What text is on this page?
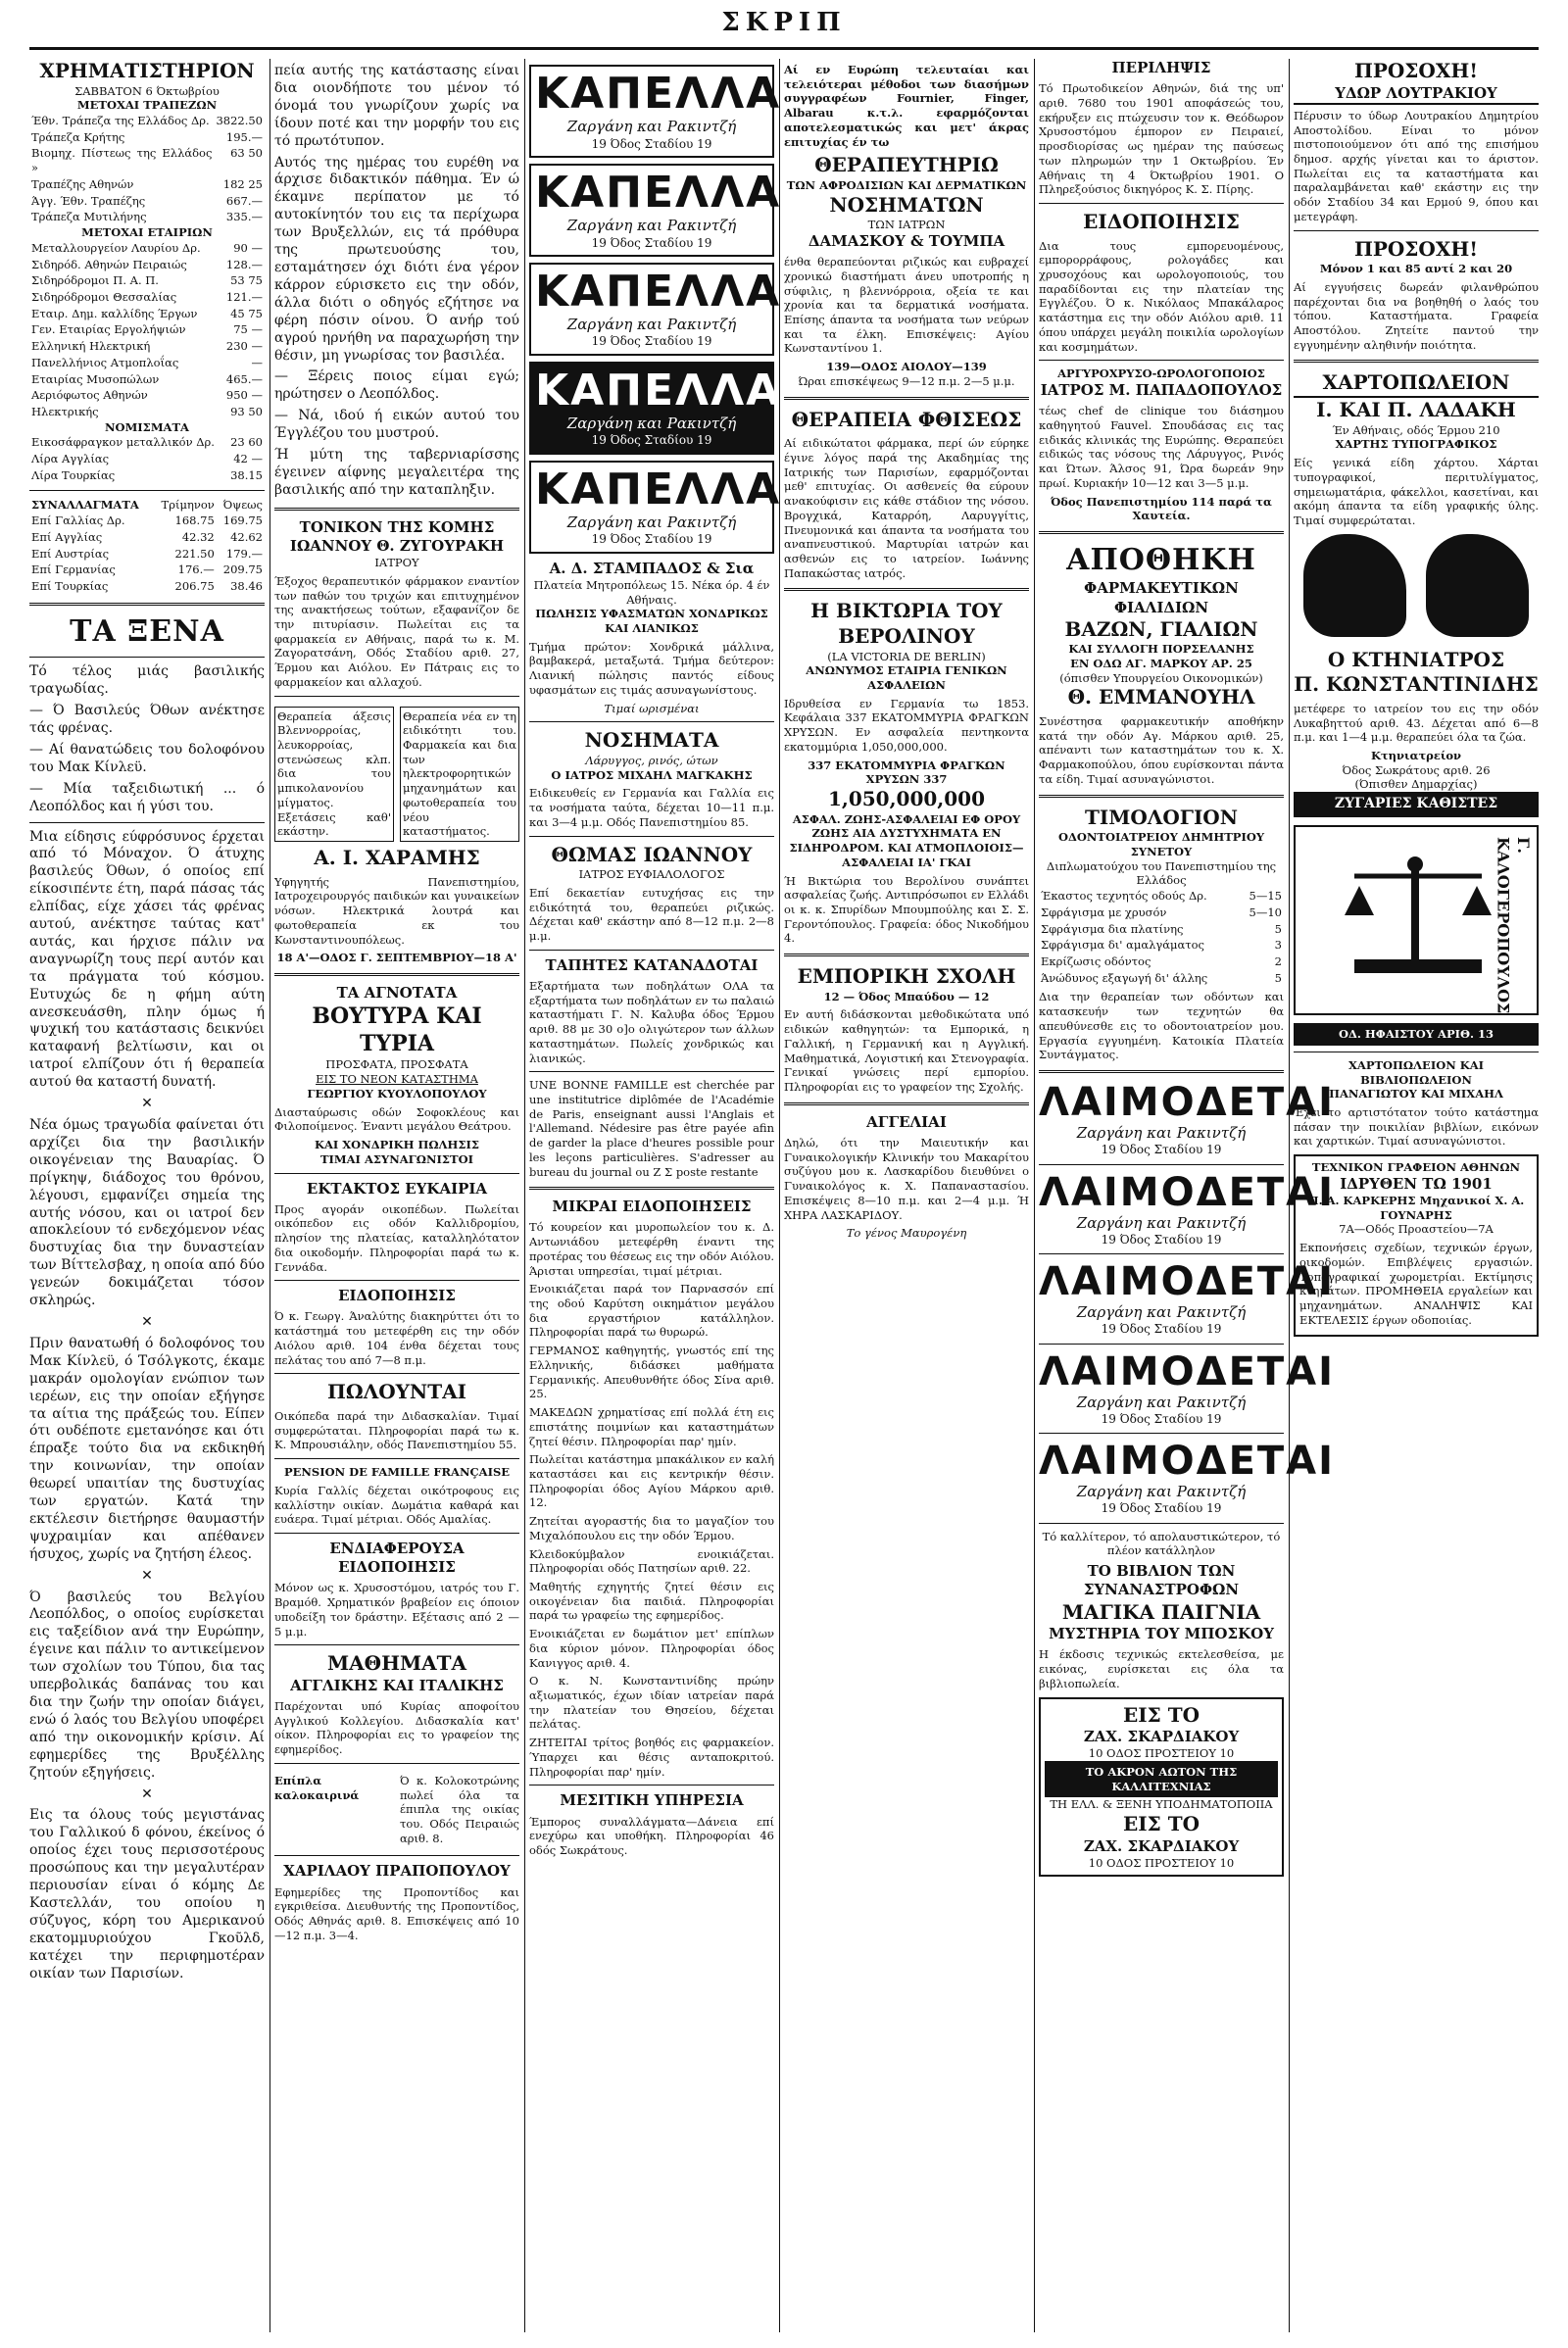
ΣΚΡΙΠ
ΧΡΗΜΑΤΙΣΤΗΡΙΟΝ
ΣΑΒΒΑΤΟΝ 6 Όκτωβρίου
ΜΕΤΟΧΑΙ ΤΡΑΠΕΖΩΝ
Έθν. Τράπεζα της Ελλάδος Δρ.	3822.50
Τράπεζα Κρήτης	195.—
Βιομηχ. Πίστεως της Ελλάδος »	63 50
Τραπέζης Αθηνών	182 25
Άγγ. Έθν. Τραπέζης	667.—
Τράπεζα Μυτιλήνης	335.—
ΜΕΤΟΧΑΙ ΕΤΑΙΡΙΩΝ
Μεταλλουργείον Λαυρίου Δρ.	90 —
Σιδηρόδ. Αθηνών Πειραιώς	128.—
Σιδηρόδρομοι Π. Α. Π.	53 75
Σιδηρόδρομοι Θεσσαλίας	121.—
Εταιρ. Δημ. καλλίδης Έργων	45 75
Γεν. Εταιρίας Εργολήψιών	75 —
Ελληνική Ηλεκτρική	230 —
Πανελλήνιος Ατμοπλοΐας	—
Εταιρίας Μυσοπώλων	465.—
Αεριόφωτος Αθηνών	950 —
Ηλεκτρικής	93 50
ΝΟΜΙΣΜΑΤΑ
Εικοσάφραγκον μεταλλικόν Δρ.	23 60
Λίρα Αγγλίας	42 —
Λίρα Τουρκίας	38.15
ΣΥΝΑΛΛΑΓΜΑΤΑ	Τρίμηνον	Όψεως
Επί Γαλλίας Δρ.	168.75	169.75
Επί Αγγλίας	42.32	42.62
Επί Αυστρίας	221.50	179.—
Επί Γερμανίας	176.—	209.75
Επί Τουρκίας	206.75	38.46
ΤΑ ΞΕΝΑ

Τό τέλος μιάς βασιλικής τραγωδίας.

— Ό Βασιλεύς Όθων ανέκτησε τάς φρένας.

— Αί θανατώδεις του δολοφόνου του Μακ Κίνλεϋ.

— Μία ταξειδιωτική ... ό Λεοπόλδος και ή γύσι του.

Μια είδησις εύφρόσυνος έρχεται από τό Μόναχον. Ό άτυχης βασιλεύς Όθων, ό οποίος επί είκοσιπέντε έτη, παρά πάσας τάς ελπίδας, είχε χάσει τάς φρένας αυτού, ανέκτησε ταύτας κατ' αυτάς, και ήρχισε πάλιν να αναγνωρίζη τους περί αυτόν και τα πράγματα τού κόσμου. Ευτυχώς δε η φήμη αύτη ανεσκευάσθη, πλην όμως ή ψυχική του κατάστασις δεικνύει καταφανή βελτίωσιν, και οι ιατροί ελπίζουν ότι ή θεραπεία αυτού θα καταστή δυνατή.

✕

Νέα όμως τραγωδία φαίνεται ότι αρχίζει δια την βασιλικήν οικογένειαν της Βαυαρίας. Ό πρίγκηψ, διάδοχος του θρόνου, λέγουσι, εμφανίζει σημεία της αυτής νόσου, και οι ιατροί δεν αποκλείουν τό ενδεχόμενον νέας δυστυχίας δια την δυναστείαν των Βίττελσβαχ, η οποία από δύο γενεών δοκιμάζεται τόσον σκληρώς.

✕

Πριν θανατωθή ό δολοφόνος του Μακ Κίνλεϋ, ό Τσόλγκοτς, έκαμε μακράν ομολογίαν ενώπιον των ιερέων, εις την οποίαν εξήγησε τα αίτια της πράξεώς του. Είπεν ότι ουδέποτε εμετανόησε και ότι έπραξε τούτο δια να εκδικηθή την κοινωνίαν, την οποίαν θεωρεί υπαιτίαν της δυστυχίας των εργατών. Κατά την εκτέλεσιν διετήρησε θαυμαστήν ψυχραιμίαν και απέθανεν ήσυχος, χωρίς να ζητήση έλεος.

✕

Ό βασιλεύς του Βελγίου Λεοπόλδος, ο οποίος ευρίσκεται εις ταξείδιον ανά την Ευρώπην, έγεινε και πάλιν το αντικείμενον των σχολίων του Τύπου, δια τας υπερβολικάς δαπάνας του και δια την ζωήν την οποίαν διάγει, ενώ ό λαός του Βελγίου υποφέρει από την οικονομικήν κρίσιν. Αί εφημερίδες της Βρυξέλλης ζητούν εξηγήσεις.

✕

Εις τα όλους τούς μεγιστάνας του Γαλλικού δ φόνου, έκείνος ό οποίος έχει τους περισσοτέρους προσώπους και την μεγαλυτέραν περιουσίαν είναι ό κόμης Δε Καστελλάν, του οποίου η σύζυγος, κόρη του Αμερικανού εκατομμυριούχου Γκοῦλδ, κατέχει την περιφημοτέραν οικίαν των Παρισίων.

πεία αυτής της κατάστασης είναι δια οιονδήποτε του μένον τό όνομά του γνωρίζουν χωρίς να ίδουν ποτέ και την μορφήν του εις τό πρωτότυπον.

Αυτός της ημέρας του ευρέθη να άρχισε διδακτικόν πάθημα. Έν ώ έκαμνε περίπατον με τό αυτοκίνητόν του εις τα περίχωρα των Βρυξελλών, εις τά πρόθυρα της πρωτευούσης του, εσταμάτησεν όχι διότι ένα γέρον κάρρον εύρισκετο εις την οδόν, άλλα διότι ο οδηγός εζήτησε να φέρη πόσιν οίνου. Ό ανήρ τού αγρού ηρνήθη να παραχωρήση την θέσιν, μη γνωρίσας τον βασιλέα.

— Ξέρεις ποιος είμαι εγώ; ηρώτησεν ο Λεοπόλδος.

— Νά, ιδού ή εικών αυτού του Έγγλέζου του μυστρού.

Ή μύτη της ταβερνιαρίσσης έγεινεν αίφνης μεγαλειτέρα της βασιλικής από την καταπληξιν.

ΤΟΝΙΚΟΝ ΤΗΣ ΚΟΜΗΣ
ΙΩΑΝΝΟΥ Θ. ΖΥΓΟΥΡΑΚΗ
ΙΑΤΡΟΥ

Έξοχος θεραπευτικόν φάρμακον εναντίον των παθών του τριχών και επιτυχημένον της ανακτήσεως τούτων, εξαφανίζον δε την πιτυρίασιν. Πωλείται εις τα φαρμακεία εν Αθήναις, παρά τω κ. Μ. Ζαγορατσάνη, Οδός Σταδίου αριθ. 27, Έρμου και Αιόλου. Εν Πάτραις εις το φαρμακείον και αλλαχού.

Θεραπεία άξεσις Βλεννορροίας, λευκορροίας, στενώσεως κλπ. δια του μπικολανονίου μίγματος. Εξετάσεις καθ' εκάστην.

Θεραπεία νέα εν τη ειδικότητι του. Φαρμακεία και δια των ηλεκτροφορητικών μηχανημάτων και φωτοθεραπεία του νέου καταστήματος.

Α. Ι. ΧΑΡΑΜΗΣ

Υφηγητής Πανεπιστημίου, Ιατροχειρουργός παιδικών και γυναικείων νόσων. Ηλεκτρικά λουτρά και φωτοθεραπεία εκ του Κωνσταντινουπόλεως.

18 Α'—ΟΔΟΣ Γ. ΣΕΠΤΕΜΒΡΙΟΥ—18 Α'
ΤΑ ΑΓΝΟΤΑΤΑ
ΒΟΥΤΥΡΑ ΚΑΙ ΤΥΡΙΑ
ΠΡΟΣΦΑΤΑ, ΠΡΟΣΦΑΤΑ
ΕΙΣ ΤΟ ΝΕΟΝ ΚΑΤΑΣΤΗΜΑ
ΓΕΩΡΓΙΟΥ ΚΥΟΥΛΟΠΟΥΛΟΥ

Διασταύρωσις οδών Σοφοκλέους και Φιλοποίμενος. Έναντι μεγάλου Θεάτρου.

ΚΑΙ ΧΟΝΔΡΙΚΗ ΠΩΛΗΣΙΣ
ΤΙΜΑΙ ΑΣΥΝΑΓΩΝΙΣΤΟΙ
ΕΚΤΑΚΤΟΣ ΕΥΚΑΙΡΙΑ

Προς αγοράν οικοπέδων. Πωλείται οικόπεδον εις οδόν Καλλιδρομίου, πλησίον της πλατείας, καταλληλότατον δια οικοδομήν. Πληροφορίαι παρά τω κ. Γεννάδα.

ΕΙΔΟΠΟΙΗΣΙΣ

Ό κ. Γεωργ. Άναλύτης διακηρύττει ότι το κατάστημά του μετεφέρθη εις την οδόν Αιόλου αριθ. 104 ένθα δέχεται τους πελάτας του από 7—8 π.μ.

ΠΩΛΟΥΝΤΑΙ

Οικόπεδα παρά την Διδασκαλίαν. Τιμαί συμφερώταται. Πληροφορίαι παρά τω κ. Κ. Μπρουσιάλην, οδός Πανεπιστημίου 55.

PENSION DE FAMILLE FRANÇAISE

Κυρία Γαλλίς δέχεται οικότροφους εις καλλίστην οικίαν. Δωμάτια καθαρά και ευάερα. Τιμαί μέτριαι. Οδός Αμαλίας.

ΕΝΔΙΑΦΕΡΟΥΣΑ ΕΙΔΟΠΟΙΗΣΙΣ

Μόνον ως κ. Χρυσοστόμου, ιατρός του Γ. Βραμόθ. Χρηματικόν βραβείον εις όποιον υποδείξη τον δράστην. Εξέτασις από 2 — 5 μ.μ.

ΜΑΘΗΜΑΤΑ
ΑΓΓΛΙΚΗΣ ΚΑΙ ΙΤΑΛΙΚΗΣ

Παρέχονται υπό Κυρίας αποφοίτου Αγγλικού Κολλεγίου. Διδασκαλία κατ' οίκον. Πληροφορίαι εις το γραφείον της εφημερίδος.

Επίπλα καλοκαιρινά

Ό κ. Κολοκοτρώνης πωλεί όλα τα έπιπλα της οικίας του. Οδός Πειραιώς αριθ. 8.

ΧΑΡΙΛΑΟΥ ΠΡΑΠΟΠΟΥΛΟΥ

Εφημερίδες της Προποντίδος και εγκριθείσα. Διευθυντής της Προποντίδος, Οδός Αθηνάς αριθ. 8. Επισκέψεις από 10—12 π.μ. 3—4.

ΚΑΠΕΛΛΑ
Ζαργάνη και Ρακιντζή
19 Όδος Σταδίου 19
ΚΑΠΕΛΛΑ
Ζαργάνη και Ρακιντζή
19 Όδος Σταδίου 19
ΚΑΠΕΛΛΑ
Ζαργάνη και Ρακιντζή
19 Όδος Σταδίου 19
ΚΑΠΕΛΛΑ
Ζαργάνη και Ρακιντζή
19 Όδος Σταδίου 19
ΚΑΠΕΛΛΑ
Ζαργάνη και Ρακιντζή
19 Όδος Σταδίου 19
Α. Δ. ΣΤΑΜΠΑΔΟΣ & Σια
Πλατεία Μητροπόλεως 15. Νέκα όρ. 4 έν Αθήναις.
ΠΩΛΗΣΙΣ ΥΦΑΣΜΑΤΩΝ ΧΟΝΔΡΙΚΩΣ ΚΑΙ ΛΙΑΝΙΚΩΣ

Τμήμα πρώτον: Χονδρικά μάλλινα, βαμβακερά, μεταξωτά. Τμήμα δεύτερον: Λιανική πώλησις παντός είδους υφασμάτων εις τιμάς ασυναγωνίστους.

Τιμαί ωρισμέναι
ΝΟΣΗΜΑΤΑ
Λάρυγγος, ρινός, ώτων
Ο ΙΑΤΡΟΣ ΜΙΧΑΗΛ ΜΑΓΚΑΚΗΣ

Ειδικευθείς εν Γερμανία και Γαλλία εις τα νοσήματα ταύτα, δέχεται 10—11 π.μ. και 3—4 μ.μ. Οδός Πανεπιστημίου 85.

ΘΩΜΑΣ ΙΩΑΝΝΟΥ
ΙΑΤΡΟΣ ΕΥΦΙΑΛΟΛΟΓΟΣ

Επί δεκαετίαν ευτυχήσας εις την ειδικότητά του, θεραπεύει ριζικώς. Δέχεται καθ' εκάστην από 8—12 π.μ. 2—8 μ.μ.

ΤΑΠΗΤΕΣ ΚΑΤΑΝΑΔΟΤΑΙ

Εξαρτήματα των ποδηλάτων ΟΛΑ τα εξαρτήματα των ποδηλάτων εν τω παλαιώ καταστήματι Γ. Ν. Καλυβα όδος Έρμου αριθ. 88 με 30 ο]ο ολιγώτερον των άλλων καταστημάτων. Πωλείς χονδρικώς και λιανικώς.

UNE BONNE FAMILLE est cherchée par une institutrice diplômée de l'Académie de Paris, enseignant aussi l'Anglais et l'Allemand. Nédesire pas être payée afin de garder la place d'heures possible pour les leçons particulières. S'adresser au bureau du journal ou Z Σ poste restante

ΜΙΚΡΑΙ ΕΙΔΟΠΟΙΗΣΕΙΣ

Τό κουρείον και μυροπωλείον του κ. Δ. Αντωνιάδου μετεφέρθη έναντι της προτέρας του θέσεως εις την οδόν Αιόλου. Άρισται υπηρεσίαι, τιμαί μέτριαι.

Ενοικιάζεται παρά τον Παρνασσόν επί της οδού Καρύτση οικημάτιον μεγάλου δια εργαστήριον κατάλληλον. Πληροφορίαι παρά τω θυρωρώ.

ΓΕΡΜΑΝΟΣ καθηγητής, γνωστός επί της Ελληνικής, διδάσκει μαθήματα Γερμανικής. Απευθυνθήτε όδος Σίνα αριθ. 25.

ΜΑΚΕΔΩΝ χρηματίσας επί πολλά έτη εις επιστάτης ποιμνίων και καταστημάτων ζητεί θέσιν. Πληροφορίαι παρ' ημίν.

Πωλείται κατάστημα μπακάλικον εν καλή καταστάσει και εις κεντρικήν θέσιν. Πληροφορίαι όδος Αγίου Μάρκου αριθ. 12.

Ζητείται αγοραστής δια το μαγαζίον του Μιχαλόπουλου εις την οδόν Έρμου.

Κλειδοκύμβαλον ενοικιάζεται. Πληροφορίαι οδός Πατησίων αριθ. 22.

Μαθητής εχηγητής ζητεί θέσιν εις οικογένειαν δια παιδιά. Πληροφορίαι παρά τω γραφείω της εφημερίδος.

Ενοικιάζεται εν δωμάτιον μετ' επίπλων δια κύριον μόνον. Πληροφορίαι όδος Κανιγγος αριθ. 4.

Ο κ. Ν. Κωνσταντινίδης πρώην αξιωματικός, έχων ιδίαν ιατρείαν παρά την πλατείαν του Θησείου, δέχεται πελάτας.

ΖΗΤΕΙΤΑΙ τρίτος βοηθός εις φαρμακείον. Ύπαρχει και θέσις ανταποκριτού. Πληροφορίαι παρ' ημίν.

ΜΕΣΙΤΙΚΗ ΥΠΗΡΕΣΙΑ

Έμπορος συναλλάγματα—Δάνεια επί ενεχύρω και υποθήκη. Πληροφορίαι 46 οδός Σωκράτους.

Αί εν Ευρώπη τελευταίαι και τελειότεραι μέθοδοι των διασήμων συγγραφέων Fournier, Finger, Albarau κ.τ.λ. εφαρμόζονται αποτελεσματικώς και μετ' άκρας επιτυχίας έν τω

ΘΕΡΑΠΕΥΤΗΡΙΩ
ΤΩΝ ΑΦΡΟΔΙΣΙΩΝ ΚΑΙ ΔΕΡΜΑΤΙΚΩΝ
ΝΟΣΗΜΑΤΩΝ
ΤΩΝ ΙΑΤΡΩΝ
ΔΑΜΑΣΚΟΥ & ΤΟΥΜΠΑ

ένθα θεραπεύονται ριζικώς και ευβραχεί χρονικώ διαστήματι άνευ υποτροπής η σύφιλις, η βλεννόρροια, οξεία τε και χρονία και τα δερματικά νοσήματα. Επίσης άπαντα τα νοσήματα των νεύρων και τα έλκη. Επισκέψεις: Αγίου Κωνσταντίνου 1.

139—ΟΔΟΣ ΑΙΟΛΟΥ—139
Ώραι επισκέψεως 9—12 π.μ. 2—5 μ.μ.
ΘΕΡΑΠΕΙΑ ΦΘΙΣΕΩΣ

Αί ειδικώτατοι φάρμακα, περί ών εύρηκε έγινε λόγος παρά της Ακαδημίας της Ιατρικής των Παρισίων, εφαρμόζονται μεθ' επιτυχίας. Οι ασθενείς θα εύρουν ανακούφισιν εις κάθε στάδιον της νόσου. Βρογχικά, Καταρρόη, Λαρυγγίτις, Πνευμονικά και άπαντα τα νοσήματα του αναπνευστικού. Μαρτυρίαι ιατρών και ασθενών εις το ιατρείον. Ιωάννης Παπακώστας ιατρός.

Η ΒΙΚΤΩΡΙΑ ΤΟΥ ΒΕΡΟΛΙΝΟΥ
(LA VICTORIA DE BERLIN)
ΑΝΩΝΥΜΟΣ ΕΤΑΙΡΙΑ ΓΕΝΙΚΩΝ ΑΣΦΑΛΕΙΩΝ

Ιδρυθείσα εν Γερμανία τω 1853. Κεφάλαια 337 ΕΚΑΤΟΜΜΥΡΙΑ ΦΡΑΓΚΩΝ ΧΡΥΣΩΝ. Εν ασφαλεία πεντηκοντα εκατομμύρια 1,050,000,000.

337 ΕΚΑΤΟΜΜΥΡΙΑ ΦΡΑΓΚΩΝ ΧΡΥΣΩΝ 337
1,050,000,000
ΑΣΦΑΛ. ΖΩΗΣ-ΑΣΦΑΛΕΙΑΙ ΕΦ ΟΡΟΥ ΖΩΗΣ ΑΙΑ ΔΥΣΤΥΧΗΜΑΤΑ ΕΝ ΣΙΔΗΡΟΔΡΟΜ. ΚΑΙ ΑΤΜΟΠΛΟΙΟΙΣ—ΑΣΦΑΛΕΙΑΙ ΙΑ' ΓΚΑΙ

Ή Βικτώρια του Βερολίνου συνάπτει ασφαλείας ζωής. Αντιπρόσωποι εν Ελλάδι οι κ. κ. Σπυρίδων Μπουμπούλης και Σ. Σ. Γεροντόπουλος. Γραφεία: όδος Νικοδήμου 4.

ΕΜΠΟΡΙΚΗ ΣΧΟΛΗ
12 — Όδος Μπαύδου — 12

Εν αυτή διδάσκονται μεθοδικώτατα υπό ειδικών καθηγητών: τα Εμπορικά, η Γαλλική, η Γερμανική και η Αγγλική. Μαθηματικά, Λογιστική και Στενογραφία. Γενικαί γνώσεις περί εμπορίου. Πληροφορίαι εις το γραφείον της Σχολής.

ΑΓΓΕΛΙΑΙ

Δηλώ, ότι την Μαιευτικήν και Γυναικολογικήν Κλινικήν του Μακαρίτου συζύγου μου κ. Λασκαρίδου διευθύνει ο Γυναικολόγος κ. Χ. Παπαναστασίου. Επισκέψεις 8—10 π.μ. και 2—4 μ.μ. Ή ΧΗΡΑ ΛΑΣΚΑΡΙΔΟΥ.

Το γένος Μαυρογένη
ΠΕΡΙΛΗΨΙΣ

Τό Πρωτοδικείον Αθηνών, διά της υπ' αριθ. 7680 του 1901 αποφάσεώς του, εκήρυξεν εις πτώχευσιν τον κ. Θεόδωρον Χρυσοστόμου έμπορον εν Πειραιεί, προσδιορίσας ως ημέραν της παύσεως των πληρωμών την 1 Οκτωβρίου. Έν Αθήναις τη 4 Όκτωβρίου 1901. Ο Πληρεξούσιος δικηγόρος Κ. Σ. Πίρης.

ΕΙΔΟΠΟΙΗΣΙΣ

Δια τους εμπορευομένους, εμπορορράφους, ρολογάδες και χρυσοχόους και ωρολογοποιούς, του παραδίδονται εις την πλατείαν της Εγγλέζου. Ό κ. Νικόλαος Μπακάλαρος κατάστημα εις την οδόν Αιόλου αριθ. 11 όπου υπάρχει μεγάλη ποικιλία ωρολογίων και κοσμημάτων.

ΑΡΓΥΡΟΧΡΥΣΟ-ΩΡΟΛΟΓΟΠΟΙΟΣ
ΙΑΤΡΟΣ Μ. ΠΑΠΑΔΟΠΟΥΛΟΣ

τέως chef de clinique του διάσημου καθηγητού Fauvel. Σπουδάσας εις τας ειδικάς κλινικάς της Ευρώπης. Θεραπεύει ειδικώς τας νόσους της Λάρυγγος, Ρινός και Ώτων. Άλσος 91, Ώρα δωρεάν 9ην πρωί. Κυριακήν 10—12 και 3—5 μ.μ.

Όδος Πανεπιστημίου 114 παρά τα Χαυτεία.
ΑΠΟΘΗΚΗ
ΦΑΡΜΑΚΕΥΤΙΚΩΝ ΦΙΑΛΙΔΙΩΝ
ΒΑΖΩΝ, ΓΙΑΛΙΩΝ
ΚΑΙ ΣΥΛΛΟΓΗ ΠΟΡΣΕΛΑΝΗΣ
ΕΝ ΟΔΩ ΑΓ. ΜΑΡΚΟΥ ΑΡ. 25
(όπισθεν Υπουργείου Οικονομικών)
Θ. ΕΜΜΑΝΟΥΗΛ

Συνέστησα φαρμακευτικήν αποθήκην κατά την οδόν Αγ. Μάρκου αριθ. 25, απέναντι των καταστημάτων του κ. Χ. Φαρμακοπούλου, όπου ευρίσκονται πάντα τα είδη. Τιμαί ασυναγώνιστοι.

ΤΙΜΟΛΟΓΙΟΝ
ΟΔΟΝΤΟΙΑΤΡΕΙΟΥ ΔΗΜΗΤΡΙΟΥ ΣΥΝΕΤΟΥ
Διπλωματούχου του Πανεπιστημίου της Ελλάδος
Έκαστος τεχνητός οδούς Δρ.	5—15
Σφράγισμα με χρυσόν	5—10
Σφράγισμα δια πλατίνης	5
Σφράγισμα δι' αμαλγάματος	3
Εκρίζωσις οδόντος	2
Άνώδυνος εξαγωγή δι' άλλης	5

Δια την θεραπείαν των οδόντων και κατασκευήν των τεχνητών θα απευθύνεσθε εις το οδοντοιατρείον μου. Εργασία εγγυημένη. Κατοικία Πλατεία Συντάγματος.

ΛΑΙΜΟΔΕΤΑΙ
Ζαργάνη και Ρακιντζή
19 Όδος Σταδίου 19
ΛΑΙΜΟΔΕΤΑΙ
Ζαργάνη και Ρακιντζή
19 Όδος Σταδίου 19
ΛΑΙΜΟΔΕΤΑΙ
Ζαργάνη και Ρακιντζή
19 Όδος Σταδίου 19
ΛΑΙΜΟΔΕΤΑΙ
Ζαργάνη και Ρακιντζή
19 Όδος Σταδίου 19
ΛΑΙΜΟΔΕΤΑΙ
Ζαργάνη και Ρακιντζή
19 Όδος Σταδίου 19

Τό καλλίτερον, τό απολαυστικώτερον, τό πλέον κατάλληλον

ΤΟ ΒΙΒΛΙΟΝ ΤΩΝ ΣΥΝΑΝΑΣΤΡΟΦΩΝ
ΜΑΓΙΚΑ ΠΑΙΓΝΙΑ
ΜΥΣΤΗΡΙΑ ΤΟΥ ΜΠΟΣΚΟΥ

Η έκδοσις τεχνικώς εκτελεσθείσα, με εικόνας, ευρίσκεται εις όλα τα βιβλιοπωλεία.

ΕΙΣ ΤΟ
ΖΑΧ. ΣΚΑΡΔΙΑΚΟΥ
10 ΟΔΟΣ ΠΡΟΣΤΕΙΟΥ 10
ΤΟ ΑΚΡΟΝ ΑΩΤΟΝ ΤΗΣ ΚΑΛΛΙΤΕΧΝΙΑΣ
ΤΗ ΕΛΛ. & ΞΕΝΗ ΥΠΟΔΗΜΑΤΟΠΟΙΙΑ
ΕΙΣ ΤΟ
ΖΑΧ. ΣΚΑΡΔΙΑΚΟΥ
10 ΟΔΟΣ ΠΡΟΣΤΕΙΟΥ 10
ΠΡΟΣΟΧΗ!
ΥΔΩΡ ΛΟΥΤΡΑΚΙΟΥ

Πέρυσιν το ύδωρ Λουτρακίου Δημητρίου Αποστολίδου. Είναι το μόνον πιστοποιούμενον ότι από της επισήμου δημοσ. αρχής γίνεται και το άριστον. Πωλείται εις τα καταστήματα και παραλαμβάνεται καθ' εκάστην εις την οδόν Σταδίου 34 και Ερμού 9, όπου και μετεγράφη.

ΠΡΟΣΟΧΗ!
Μόνον 1 και 85 αντί 2 και 20

Αί εγγυήσεις δωρεάν φιλανθρώπου παρέχονται δια να βοηθηθή ο λαός του τόπου. Καταστήματα. Γραφεία Αποστόλου. Ζητείτε παντού την εγγυημένην αληθινήν ποιότητα.

ΧΑΡΤΟΠΩΛΕΙΟΝ
Ι. ΚΑΙ Π. ΛΑΔΑΚΗ
Έν Αθήναις, οδός Έρμου 210
ΧΑΡΤΗΣ ΤΥΠΟΓΡΑΦΙΚΟΣ

Είς γενικά είδη χάρτου. Χάρται τυπογραφικοί, περιτυλίγματος, σημειωματάρια, φάκελλοι, κασετίναι, και ακόμη άπαντα τα είδη γραφικής ύλης. Τιμαί συμφερώταται.

Ο ΚΤΗΝΙΑΤΡΟΣ
Π. ΚΩΝΣΤΑΝΤΙΝΙΔΗΣ

μετέφερε το ιατρείον του εις την οδόν Λυκαβηττού αριθ. 43. Δέχεται από 6—8 π.μ. και 1—4 μ.μ. θεραπεύει όλα τα ζώα.

Κτηνιατρείον
Όδος Σωκράτους αριθ. 26
(Όπισθεν Δημαρχίας)
ΖΥΓΑΡΙΕΣ ΚΑΘΙΣΤΕΣ
Γ. ΚΑΛΟΓΕΡΟΠΟΥΛΟΣ
ΟΔ. ΗΦΑΙΣΤΟΥ ΑΡΙΘ. 13
ΧΑΡΤΟΠΩΛΕΙΟΝ ΚΑΙ ΒΙΒΛΙΟΠΩΛΕΙΟΝ
ΠΑΝΑΓΙΩΤΟΥ ΚΑΙ ΜΙΧΑΗΛ

Έχει το αρτιστότατον τούτο κατάστημα πάσαν την ποικιλίαν βιβλίων, εικόνων και χαρτικών. Τιμαί ασυναγώνιστοι.

ΤΕΧΝΙΚΟΝ ΓΡΑΦΕΙΟΝ ΑΘΗΝΩΝ
ΙΔΡΥΘΕΝ ΤΩ 1901
Π. Α. ΚΑΡΚΕΡΗΣ Μηχανικοί Χ. Α. ΓΟΥΝΑΡΗΣ
7Α—Οδός Προαστείου—7Α

Εκπονήσεις σχεδίων, τεχνικών έργων, οικοδομών. Επιβλέψεις εργασιών. Τοπογραφικαί χωρομετρίαι. Εκτίμησις κτημάτων. ΠΡΟΜΗΘΕΙΑ εργαλείων και μηχανημάτων. ΑΝΑΛΗΨΙΣ ΚΑΙ ΕΚΤΕΛΕΣΙΣ έργων οδοποιίας.
